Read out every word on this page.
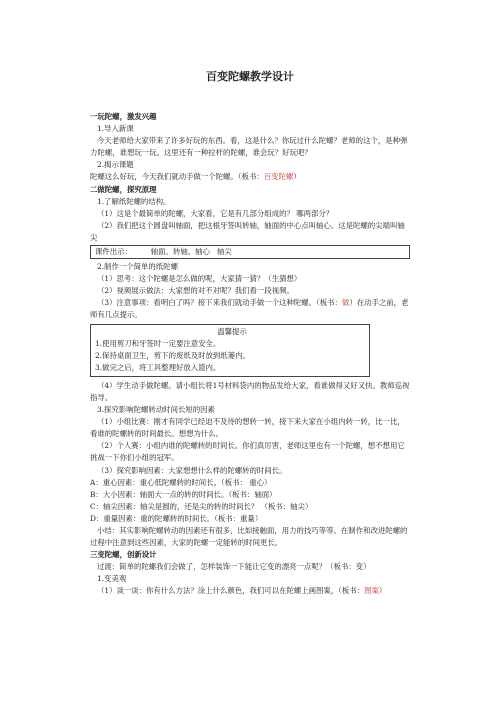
百变陀螺教学设计

一玩陀螺，激发兴趣

1.导入新课

今天老师给大家带来了许多好玩的东西。看，这是什么？你玩过什么陀螺？老师的这个，是种弹力陀螺，谁想玩一玩。这里还有一种拉杆的陀螺，谁会玩？好玩吧？

2.揭示课题

陀螺这么好玩，今天我们就动手做一个陀螺。（板书：百变陀螺）

二做陀螺，探究原理

1.了解纸陀螺的结构。

（1）这是个最简单的陀螺，大家看，它是有几部分组成的？ 哪两部分？

（2）我们把这个圆盘叫轴面，把这根牙签叫转轴，轴面的中心点叫轴心。这是陀螺的尖端叫轴尖

课件出示：	轴面、转轴、轴心   轴尖

2.制作一个简单的纸陀螺

（1）思考：这个陀螺是怎么做的呢，大家猜一猜？（生猜想）

（2）视频展示做法：大家想的对不对呢？我们看一段视频。

（3）注意事项：看明白了吗？接下来我们就动手做一个这种陀螺。（板书：做）在动手之前，老师有几点提示。

温馨提示

1.使用剪刀和牙签时一定要注意安全。

2.保持桌面卫生，剪下的废纸及时放到纸篓内。

3.做完之后，将工具整理好放入篮内。

（4）学生动手做陀螺。请小组长将1号材料袋内的物品发给大家，看谁做得又好又快。教师巡视指导。

3.探究影响陀螺转动时间长短的因素

（1）小组比赛：刚才有同学已经迫不及待的想转一转，接下来大家在小组内转一转，比一比，看谁的陀螺转的时间最长。想想为什么。

（2）个人赛：小组内谁的陀螺转的时间长。你们真厉害，老师这里也有一个陀螺，想不想用它挑战一下你们小组的冠军。

（3）探究影响因素：大家想想什么样的陀螺转的时间长。

A：重心因素：重心低陀螺转的时间长。（板书： 重心）

B：大小因素：轴面大一点的转的时间长。（板书：轴面）

C：轴尖因素：轴尖是圆的，还是尖的转的时间长？ （板书：轴尖）

D：重量因素：重的陀螺转的时间长。（板书：重量）

小结：其实影响陀螺转动的因素还有很多，比如接触面，用力的技巧等等。在制作和改进陀螺的过程中注意到这些因素，大家的陀螺一定能转的时间更长。

三变陀螺，创新设计

过渡：简单的陀螺我们会做了，怎样装饰一下能让它变的漂亮一点呢？（板书：变）

1.变美观

（1）谈一谈：你有什么方法？涂上什么颜色，我们可以在陀螺上画图案，（板书：图案）
